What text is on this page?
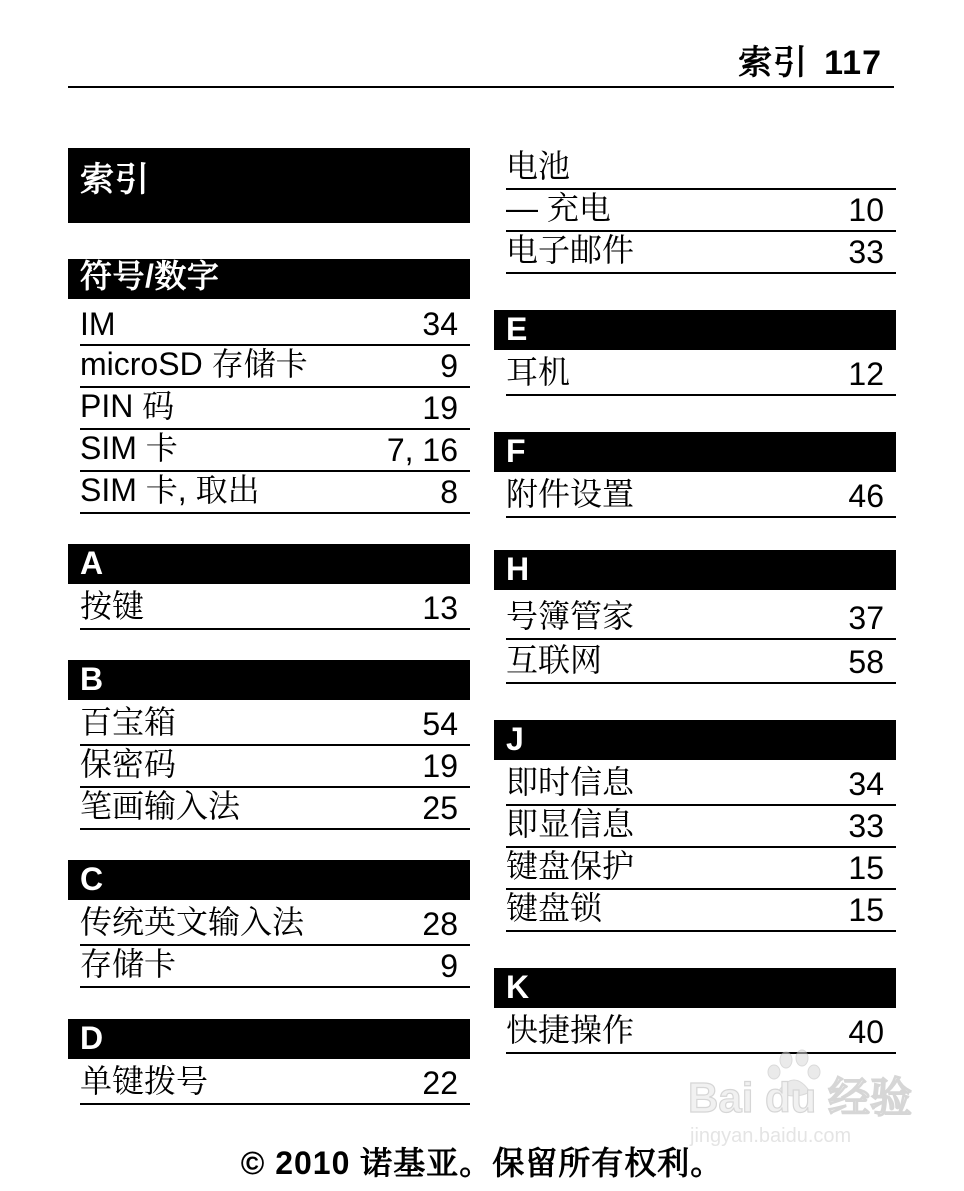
索引 117
索引
符号/数字
IM	34
microSD 存储卡	9
PIN 码	19
SIM 卡	7, 16
SIM 卡, 取出	8
A
按键	13
B
百宝箱	54
保密码	19
笔画输入法	25
C
传统英文输入法	28
存储卡	9
D
单键拨号	22
电池
— 充电	10
电子邮件	33
E
耳机	12
F
附件设置	46
H
号簿管家	37
互联网	58
J
即时信息	34
即显信息	33
键盘保护	15
键盘锁	15
K
快捷操作	40
Bai du 经验
jingyan.baidu.com
© 2010 诺基亚。保留所有权利。
